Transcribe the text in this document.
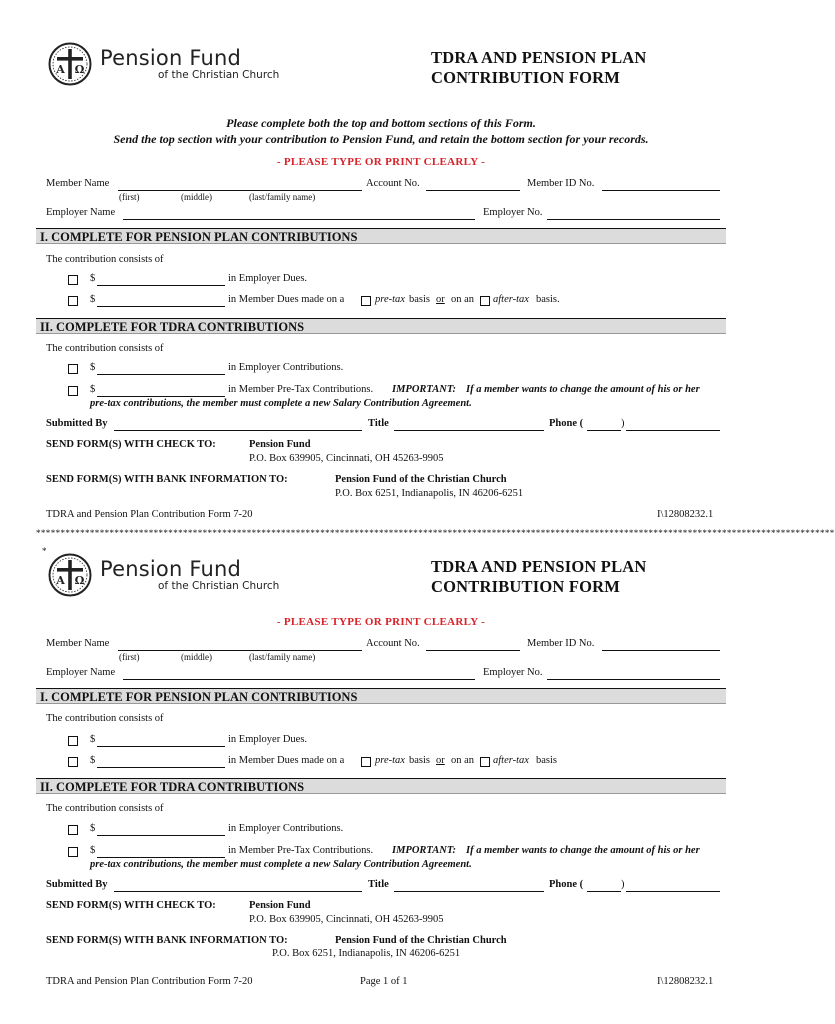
A Ω Pension Fund
of the Christian Church
TDRA AND PENSION PLAN
CONTRIBUTION FORM
Please complete both the top and bottom sections of this Form.
Send the top section with your contribution to Pension Fund, and retain the bottom section for your records.
- PLEASE TYPE OR PRINT CLEARLY -
Member Name	Account No.	Member ID No.
(first)	(middle)	(last/family name)
Employer Name	Employer No.
I. COMPLETE FOR PENSION PLAN CONTRIBUTIONS
The contribution consists of
$	in Employer Dues.
$	in Member Dues made on a	pre-tax basis or on an after-tax basis.
II. COMPLETE FOR TDRA CONTRIBUTIONS
The contribution consists of
$	in Employer Contributions.
$	in Member Pre-Tax Contributions. IMPORTANT: If a member wants to change the amount of his or her
pre-tax contributions, the member must complete a new Salary Contribution Agreement.
Submitted By	Title	Phone (	)
SEND FORM(S) WITH CHECK TO:	Pension Fund
P.O. Box 639905, Cincinnati, OH 45263-9905
SEND FORM(S) WITH BANK INFORMATION TO:	Pension Fund of the Christian Church
P.O. Box 6251, Indianapolis, IN 46206-6251
TDRA and Pension Plan Contribution Form 7-20	I\12808232.1
*******************************************************************************************************************************************************************
*
A Ω Pension Fund
of the Christian Church
TDRA AND PENSION PLAN
CONTRIBUTION FORM
- PLEASE TYPE OR PRINT CLEARLY -
Member Name	Account No.	Member ID No.
(first)	(middle)	(last/family name)
Employer Name	Employer No.
I. COMPLETE FOR PENSION PLAN CONTRIBUTIONS
The contribution consists of
$	in Employer Dues.
$	in Member Dues made on a	pre-tax basis or on an after-tax basis
II. COMPLETE FOR TDRA CONTRIBUTIONS
The contribution consists of
$	in Employer Contributions.
$	in Member Pre-Tax Contributions. IMPORTANT: If a member wants to change the amount of his or her
pre-tax contributions, the member must complete a new Salary Contribution Agreement.
Submitted By	Title	Phone (	)
SEND FORM(S) WITH CHECK TO:	Pension Fund
P.O. Box 639905, Cincinnati, OH 45263-9905
SEND FORM(S) WITH BANK INFORMATION TO:	Pension Fund of the Christian Church
P.O. Box 6251, Indianapolis, IN 46206-6251
TDRA and Pension Plan Contribution Form 7-20	Page 1 of 1	I\12808232.1
